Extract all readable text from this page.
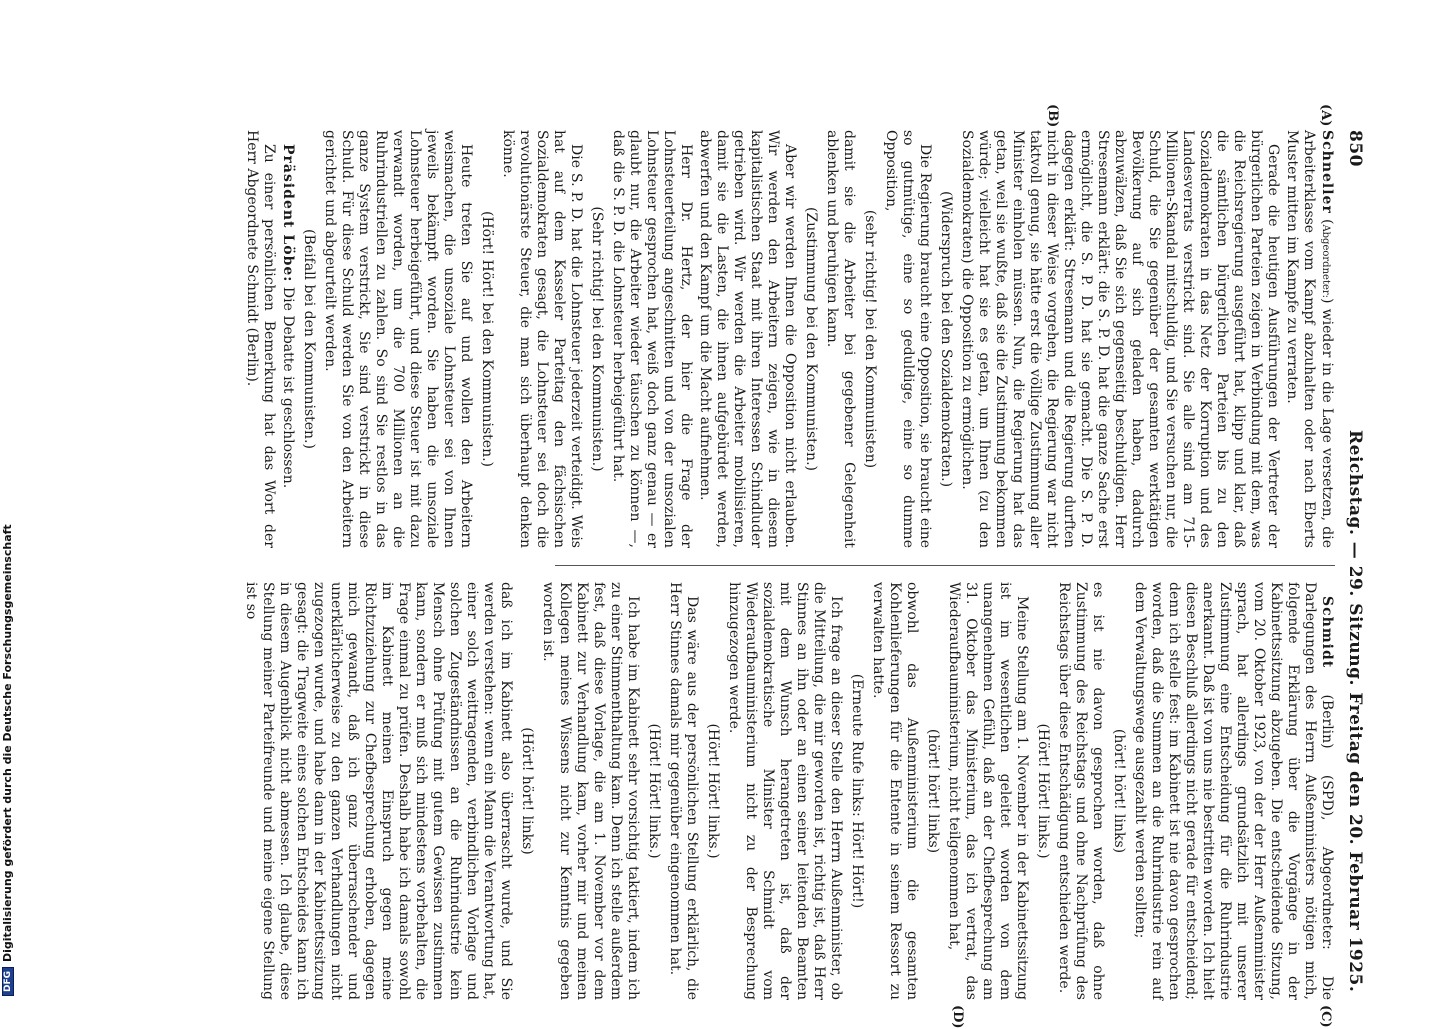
DFGDigitalisierung gefördert durch die Deutsche Forschungsgemeinschaft
850
Reichstag. — 29. Sitzung. Freitag den 20. Februar 1925.
(A)
(B)
(C)
(D)

Schneller (Abgeordneter:) wieder in die Lage versetzen, die Arbeiterklasse vom Kampf abzuhalten oder nach Eberts Muster mitten im Kampfe zu verraten.

Gerade die heutigen Ausführungen der Vertreter der bürgerlichen Parteien zeigen in Verbindung mit dem, was die Reichsregierung ausgeführt hat, klipp und klar, daß die sämtlichen bürgerlichen Parteien bis zu den Sozialdemokraten in das Netz der Korruption und des Landesverrats verstrickt sind. Sie alle sind am 715-Millionen-Skandal mitschuldig, und Sie versuchen nur, die Schuld, die Sie gegenüber der gesamten werktätigen Bevölkerung auf sich geladen haben, dadurch abzuwälzen, daß Sie sich gegenseitig beschuldigen. Herr Stresemann erklärt: die S. P. D. hat die ganze Sache erst ermöglicht, die S. P. D. hat sie gemacht. Die S. P. D. dagegen erklärt: Stresemann und die Regierung durften nicht in dieser Weise vorgehen, die Regierung war nicht taktvoll genug, sie hätte erst die völlige Zustimmung aller Minister einholen müssen. Nun, die Regierung hat das getan, weil sie wußte, daß sie die Zustimmung bekommen würde; vielleicht hat sie es getan, um Ihnen (zu den Sozialdemokraten) die Opposition zu ermöglichen.

(Widerspruch bei den Sozialdemokraten.)

Die Regierung braucht eine Opposition, sie braucht eine so gutmütige, eine so geduldige, eine so dumme Opposition,

(sehr richtig! bei den Kommunisten)

damit sie die Arbeiter bei gegebener Gelegenheit ablenken und beruhigen kann.

(Zustimmung bei den Kommunisten.)

Aber wir werden Ihnen die Opposition nicht erlauben. Wir werden den Arbeitern zeigen, wie in diesem kapitalistischen Staat mit ihren Interessen Schindluder getrieben wird. Wir werden die Arbeiter mobilisieren, damit sie die Lasten, die ihnen aufgebürdet werden, abwerfen und den Kampf um die Macht aufnehmen.

Herr Dr. Hertz, der hier die Frage der Lohnsteuerteilung angeschnitten und von der unsozialen Lohnsteuer gesprochen hat, weiß doch ganz genau — er glaubt nur, die Arbeiter wieder täuschen zu können —, daß die S. P. D. die Lohnsteuer herbeigeführt hat.

(Sehr richtig! bei den Kommunisten.)

Die S. P. D. hat die Lohnsteuer jederzeit verteidigt. Weis hat auf dem Kasseler Parteitag den fächsischen Sozialdemokraten gesagt, die Lohnsteuer sei doch die revolutionärste Steuer, die man sich überhaupt denken könne.

(Hört! Hört! bei den Kommunisten.)

Heute treten Sie auf und wollen den Arbeitern weismachen, die unsoziale Lohnsteuer sei von Ihnen jeweils bekämpft worden. Sie haben die unsoziale Lohnsteuer herbeigeführt, und diese Steuer ist mit dazu verwandt worden, um die 700 Millionen an die Ruhrindustriellen zu zahlen. So sind Sie restlos in das ganze System verstrickt, Sie sind verstrickt in diese Schuld. Für diese Schuld werden Sie von den Arbeitern gerichtet und abgeurteilt werden.

(Beifall bei den Kommunisten.)

Präsident Löbe: Die Debatte ist geschlossen.

Zu einer persönlichen Bemerkung hat das Wort der Herr Abgeordnete Schmidt (Berlin).

Schmidt (Berlin) (SPD), Abgeordneter: Die Darlegungen des Herrn Außenministers nötigen mich, folgende Erklärung über die Vorgänge in der Kabinettssitzung abzugeben. Die entscheidende Sitzung, vom 20. Oktober 1923, von der der Herr Außenminister sprach, hat allerdings grundsätzlich mit unserer Zustimmung eine Entscheidung für die Ruhrindustrie anerkannt. Daß ist von uns nie bestritten worden. Ich hielt diesen Beschluß allerdings nicht gerade für entscheidend; denn ich stelle fest: im Kabinett ist nie davon gesprochen worden, daß die Summen an die Ruhrindustrie rein auf dem Verwaltungswege ausgezahlt werden sollten;

(hört! hört! links)

es ist nie davon gesprochen worden, daß ohne Zustimmung des Reichstags und ohne Nachprüfung des Reichstags über diese Entschädigung entschieden werde.

(Hört! Hört! links.)

Meine Stellung am 1. November in der Kabinettssitzung ist im wesentlichen geleitet worden von dem unangenehmen Gefühl, daß an der Chefbesprechung am 31. Oktober das Ministerium, das ich vertrat, das Wiederaufbauministerium, nicht teilgenommen hat,

(hört! hört! links)

obwohl das Außenministerium die gesamten Kohlenlieferungen für die Entente in seinem Ressort zu verwalten hatte.

(Erneute Rufe links: Hört! Hört!)

Ich frage an dieser Stelle den Herrn Außenminister, ob die Mitteilung, die mir geworden ist, richtig ist, daß Herr Stinnes an ihn oder an einen seiner leitenden Beamten mit dem Wunsch herangetreten ist, daß der sozialdemokratische Minister Schmidt vom Wiederaufbauministerium nicht zu der Besprechung hinzugezogen werde.

(Hört! Hört! links.)

Das wäre aus der persönlichen Stellung erklärlich, die Herr Stinnes damals mir gegenüber eingenommen hat.

(Hört! Hört! links.)

Ich habe im Kabinett sehr vorsichtig taktiert, indem ich zu einer Stimmenthaltung kam. Denn ich stelle außerdem fest, daß diese Vorlage, die am 1. November vor dem Kabinett zur Verhandlung kam, vorher mir und meinen Kollegen meines Wissens nicht zur Kenntnis gegeben worden ist.

(Hört! hört! links)

daß ich im Kabinett also überrascht wurde, und Sie werden verstehen: wenn ein Mann die Verantwortung hat, einer solch weittragenden, verbindlichen Vorlage und solchen Zugeständnissen an die Ruhrindustrie kein Mensch ohne Prüfung mit gutem Gewissen zustimmen kann, sondern er muß sich mindestens vorbehalten, die Frage einmal zu prüfen. Deshalb habe ich damals sowohl im Kabinett meinen Einspruch gegen meine Richtzuziehung zur Chefbesprechung erhoben, dagegen mich gewandt, daß ich ganz überraschender und unerklärlicherweise zu den ganzen Verhandlungen nicht zugezogen wurde, und habe dann in der Kabinettssitzung gesagt: die Tragweite eines solchen Entscheides kann ich in diesem Augenblick nicht abmessen. Ich glaube, diese Stellung meiner Parteifreunde und meine eigene Stellung ist so
